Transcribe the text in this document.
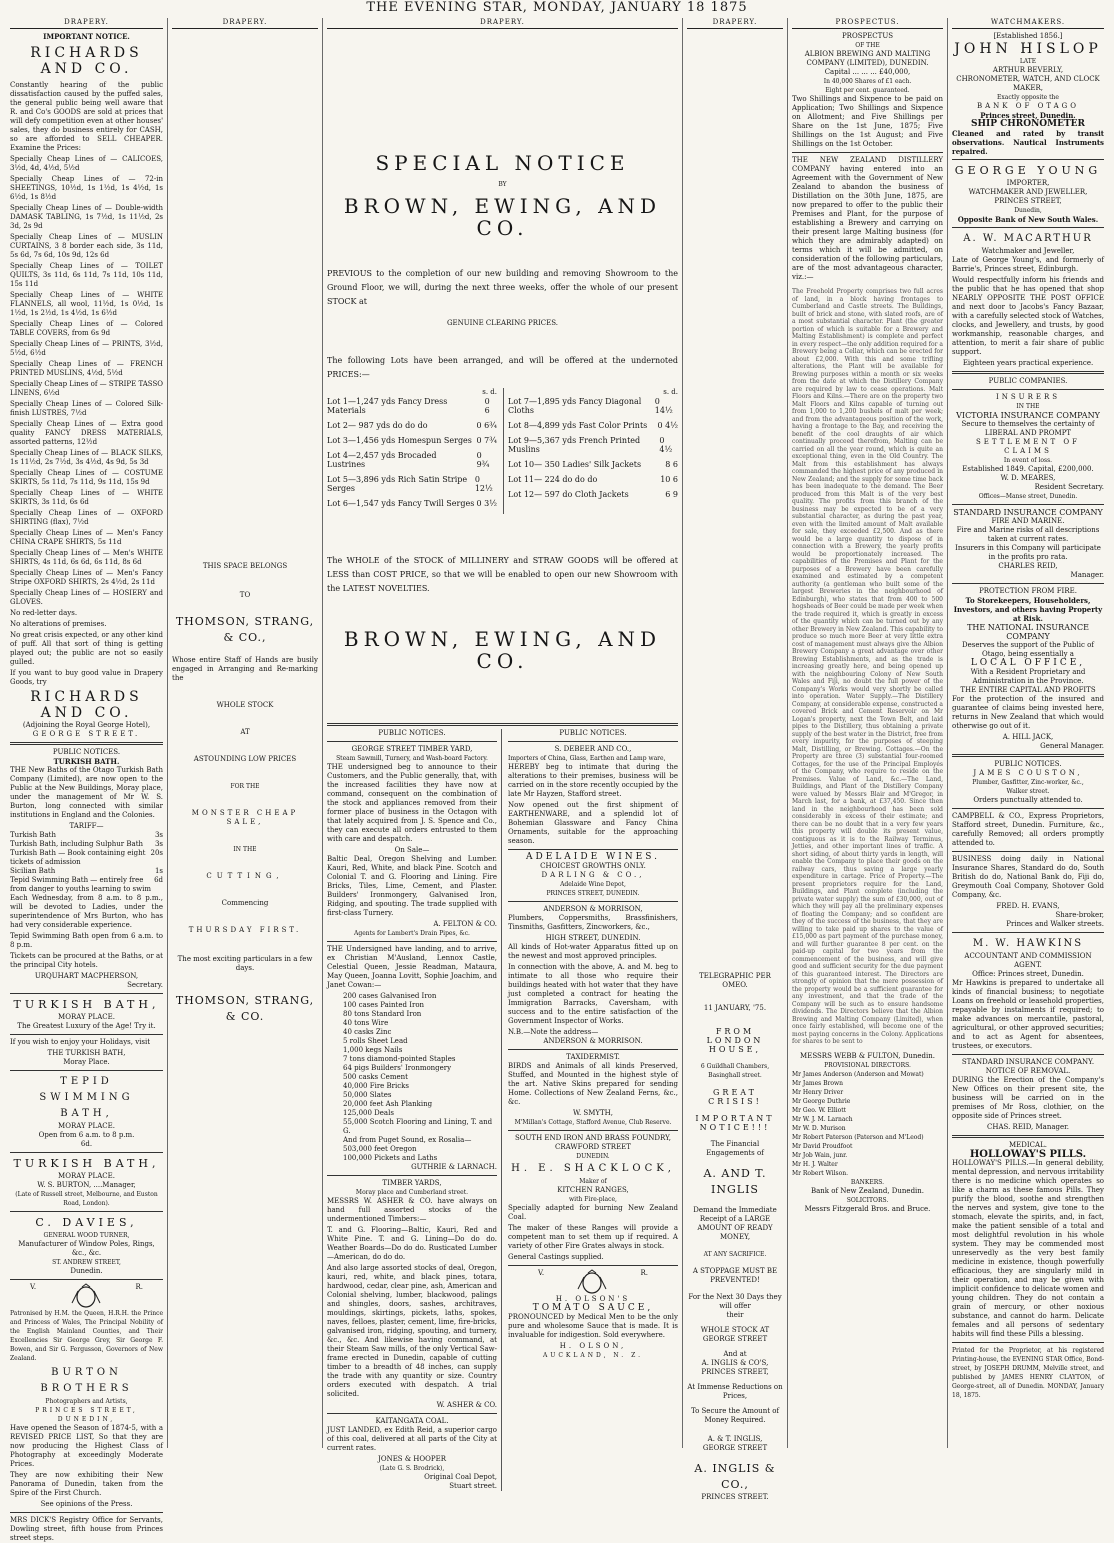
THE EVENING STAR, MONDAY, JANUARY 18 1875
DRAPERY.
IMPORTANT NOTICE.
RICHARDS AND CO.

Constantly hearing of the public dissatisfaction caused by the puffed sales, the general public being well aware that R. and Co's GOODS are sold at prices that will defy competition even at other houses' sales, they do business entirely for CASH, so are afforded to SELL CHEAPER. Examine the Prices:

Specially Cheap Lines of — CALICOES, 3½d, 4d, 4½d, 5½d
Specially Cheap Lines of — 72-in SHEETINGS, 10½d, 1s 1½d, 1s 4½d, 1s 6½d, 1s 8½d
Specially Cheap Lines of — Double-width DAMASK TABLING, 1s 7½d, 1s 11½d, 2s 3d, 2s 9d
Specially Cheap Lines of — MUSLIN CURTAINS, 3 8 border each side, 3s 11d, 5s 6d, 7s 6d, 10s 9d, 12s 6d
Specially Cheap Lines of — TOILET QUILTS, 3s 11d, 6s 11d, 7s 11d, 10s 11d, 15s 11d
Specially Cheap Lines of — WHITE FLANNELS, all wool, 11½d, 1s 0½d, 1s 1½d, 1s 2½d, 1s 4½d, 1s 6½d
Specially Cheap Lines of — Colored TABLE COVERS, from 6s 9d
Specially Cheap Lines of — PRINTS, 3½d, 5½d, 6½d
Specially Cheap Lines of — FRENCH PRINTED MUSLINS, 4½d, 5½d
Specially Cheap Lines of — STRIPE TASSO LINENS, 6½d
Specially Cheap Lines of — Colored Silk-finish LUSTRES, 7½d
Specially Cheap Lines of — Extra good quality FANCY DRESS MATERIALS, assorted patterns, 12½d
Specially Cheap Lines of — BLACK SILKS, 1s 11½d, 2s 7½d, 3s 4½d, 4s 9d, 5s 3d
Specially Cheap Lines of — COSTUME SKIRTS, 5s 11d, 7s 11d, 9s 11d, 15s 9d
Specially Cheap Lines of — WHITE SKIRTS, 3s 11d, 6s 6d
Specially Cheap Lines of — OXFORD SHIRTING (flax), 7½d
Specially Cheap Lines of — Men's Fancy CHINA CRAPE SHIRTS, 5s 11d
Specially Cheap Lines of — Men's WHITE SHIRTS, 4s 11d, 6s 6d, 6s 11d, 8s 6d
Specially Cheap Lines of — Men's Fancy Stripe OXFORD SHIRTS, 2s 4½d, 2s 11d
Specially Cheap Lines of — HOSIERY and GLOVES.

No red-letter days.

No alterations of premises.

No great crisis expected, or any other kind of puff. All that sort of thing is getting played out; the public are not so easily gulled.

If you want to buy good value in Drapery Goods, try

RICHARDS AND CO.
(Adjoining the Royal George Hotel),
GEORGE STREET.
PUBLIC NOTICES.
TURKISH BATH.

THE New Baths of the Otago Turkish Bath Company (Limited), are now open to the Public at the New Buildings, Moray place, under the management of Mr W. S. Burton, long connected with similar institutions in England and the Colonies.

TARIFF—
Turkish Bath	3s
Turkish Bath, including Sulphur Bath 3s
Turkish Bath — Book containing eight tickets of admission
20s
Sicilian Bath	1s
Tepid Swimming Bath — entirely free from danger to youths learning to swim
6d

Each Wednesday, from 8 a.m. to 8 p.m., will be devoted to Ladies, under the superintendence of Mrs Burton, who has had very considerable experience.

Tepid Swimming Bath open from 6 a.m. to 8 p.m.

Tickets can be procured at the Baths, or at the principal City hotels.

URQUHART MACPHERSON,
Secretary.
TURKISH BATH,
MORAY PLACE.
The Greatest Luxury of the Age! Try it.

If you wish to enjoy your Holidays, visit

THE TURKISH BATH,
Moray Place.
TEPID SWIMMING BATH,
MORAY PLACE.
Open from 6 a.m. to 8 p.m.
6d.
TURKISH BATH,
MORAY PLACE.
W. S. BURTON, ....Manager,
(Late of Russell street, Melbourne, and Euston Road, London).
C. DAVIES,
GENERAL WOOD TURNER,
Manufacturer of Window Poles, Rings, &c., &c.
ST. ANDREW STREET,
Dunedin.
V.	R.

Patronised by H.M. the Queen, H.R.H. the Prince and Princess of Wales, The Principal Nobility of the English Mainland Counties, and Their Excellencies Sir George Grey, Sir George F. Bowen, and Sir G. Fergusson, Governors of New Zealand.

BURTON BROTHERS
Photographers and Artists,
PRINCES STREET, DUNEDIN,

Have opened the Season of 1874-5, with a REVISED PRICE LIST, So that they are now producing the Highest Class of Photography at exceedingly Moderate Prices.

They are now exhibiting their New Panorama of Dunedin, taken from the Spire of the First Church.

See opinions of the Press.

MRS DICK'S Registry Office for Servants, Dowling street, fifth house from Princes street steps.

DRAPERY.
THIS SPACE BELONGS
TO
THOMSON, STRANG, & CO.,

Whose entire Staff of Hands are busily engaged in Arranging and Re-marking the

WHOLE STOCK
AT
ASTOUNDING LOW PRICES
FOR THE
MONSTER CHEAP SALE,
IN THE
CUTTING,
Commencing
THURSDAY FIRST.
The most exciting particulars in a few days.
THOMSON, STRANG, & CO.
DRAPERY.
SPECIAL NOTICE
BY
BROWN, EWING, AND CO.

PREVIOUS to the completion of our new building and removing Showroom to the Ground Floor, we will, during the next three weeks, offer the whole of our present STOCK at

GENUINE CLEARING PRICES.

The following Lots have been arranged, and will be offered at the undernoted PRICES:—

s. d.
Lot 1—1,247 yds Fancy Dress Materials
0 6
Lot 2— 987 yds do do do	0 6¾
Lot 3—1,456 yds Homespun Serges 0 7¾
Lot 4—2,457 yds Brocaded Lustrines
0 9¾
Lot 5—3,896 yds Rich Satin Stripe Serges
0 12½
Lot 6—1,547 yds Fancy Twill Serges 0 3½
s. d.
Lot 7—1,895 yds Fancy Diagonal Cloths
0 14½
Lot 8—4,899 yds Fast Color Prints 0 4½
Lot 9—5,367 yds French Printed Muslins
0 4½
Lot 10— 350 Ladies' Silk Jackets	8 6
Lot 11— 224 do do do	10 6
Lot 12— 597 do Cloth Jackets	6 9

The WHOLE of the STOCK of MILLINERY and STRAW GOODS will be offered at LESS than COST PRICE, so that we will be enabled to open our new Showroom with the LATEST NOVELTIES.

BROWN, EWING, AND CO.
PUBLIC NOTICES.
GEORGE STREET TIMBER YARD,
Steam Sawmill, Turnery, and Wash-board Factory.

THE undersigned beg to announce to their Customers, and the Public generally, that, with the increased facilities they have now at command, consequent on the combination of the stock and appliances removed from their former place of business in the Octagon with that lately acquired from J. S. Spence and Co., they can execute all orders entrusted to them with care and despatch.

On Sale—

Baltic Deal, Oregon Shelving and Lumber. Kauri, Red, White, and black Pine. Scotch and Colonial T. and G. Flooring and Lining. Fire Bricks, Tiles, Lime, Cement, and Plaster. Builders' Ironmongery, Galvanised Iron, Ridging, and spouting. The trade supplied with first-class Turnery.

A. FELTON & CO.
Agents for Lambert's Drain Pipes, &c.

THE Undersigned have landing, and to arrive, ex Christian M'Ausland, Lennox Castle, Celestial Queen, Jessie Readman, Mataura, May Queen, Joanna Lovitt, Sophie Joachim, and Janet Cowan:—

200 cases Galvanised Iron
100 cases Painted Iron
80 tons Standard Iron
40 tons Wire
40 casks Zinc
5 rolls Sheet Lead
1,000 kegs Nails
7 tons diamond-pointed Staples
64 pigs Builders' Ironmongery
500 casks Cement
40,000 Fire Bricks
50,000 Slates
20,000 feet Ash Planking
125,000 Deals
55,000 Scotch Flooring and Lining, T. and G.
And from Puget Sound, ex Rosalia—
503,000 feet Oregon
100,000 Pickets and Laths
GUTHRIE & LARNACH.
TIMBER YARDS,
Moray place and Cumberland street.

MESSRS W. ASHER & CO. have always on hand full assorted stocks of the undermentioned Timbers:—

T. and G. Flooring—Baltic, Kauri, Red and White Pine. T. and G. Lining—Do do do. Weather Boards—Do do do. Rusticated Lumber—American, do do do.

And also large assorted stocks of deal, Oregon, kauri, red, white, and black pines, totara, hardwood, cedar, clear pine, ash, American and Colonial shelving, lumber, blackwood, palings and shingles, doors, sashes, architraves, mouldings, skirtings, pickets, laths, spokes, naves, felloes, plaster, cement, lime, fire-bricks, galvanised iron, ridging, spouting, and turnery, &c., &c. And likewise having command, at their Steam Saw mills, of the only Vertical Saw-frame erected in Dunedin, capable of cutting timber to a breadth of 48 inches, can supply the trade with any quantity or size. Country orders executed with despatch. A trial solicited.

W. ASHER & CO.
KAITANGATA COAL.

JUST LANDED, ex Edith Reid, a superior cargo of this coal, delivered at all parts of the City at current rates.

JONES & HOOPER
(Late G. S. Brodrick),
Original Coal Depot,
Stuart street.
PUBLIC NOTICES.
S. DEBEER AND CO.,
Importers of China, Glass, Earthen and Lamp ware,

HEREBY beg to intimate that during the alterations to their premises, business will be carried on in the store recently occupied by the late Mr Hayzen, Stafford street.

Now opened out the first shipment of EARTHENWARE, and a splendid lot of Bohemian Glassware and Fancy China Ornaments, suitable for the approaching season.

ADELAIDE WINES.
CHOICEST GROWTHS ONLY.
DARLING & CO.,
Adelaide Wine Depot,
PRINCES STREET, DUNEDIN.
ANDERSON & MORRISON,

Plumbers, Coppersmiths, Brassfinishers, Tinsmiths, Gasfitters, Zincworkers, &c.,

HIGH STREET, DUNEDIN.

All kinds of Hot-water Apparatus fitted up on the newest and most approved principles.

In connection with the above, A. and M. beg to intimate to all those who require their buildings heated with hot water that they have just completed a contract for heating the Immigration Barracks, Caversham, with success and to the entire satisfaction of the Government Inspector of Works.

N.B.—Note the address—
ANDERSON & MORRISON.
TAXIDERMIST.

BIRDS and Animals of all kinds Preserved, Stuffed, and Mounted in the highest style of the art. Native Skins prepared for sending Home. Collections of New Zealand Ferns, &c., &c.

W. SMYTH,
M'Millan's Cottage, Stafford Avenue, Club Reserve.
SOUTH END IRON AND BRASS FOUNDRY,
CRAWFORD STREET
DUNEDIN.
H. E. SHACKLOCK,
Maker of
KITCHEN RANGES,
with Fire-place,

Specially adapted for burning New Zealand Coal.

The maker of these Ranges will provide a competent man to set them up if required. A variety of other Fire Grates always in stock.

General Castings supplied.
V.	R.
H. OLSON'S
TOMATO SAUCE,

PRONOUNCED by Medical Men to be the only pure and wholesome Sauce that is made. It is invaluable for indigestion. Sold everywhere.

H. OLSON,
AUCKLAND, N. Z.
DRAPERY.
TELEGRAPHIC PER OMEO.
11 JANUARY, '75.
FROM LONDON HOUSE,
6 Guildhall Chambers, Basinghall street.
GREAT CRISIS!
IMPORTANT NOTICE!!!
The Financial Engagements of
A. AND T. INGLIS
Demand the Immediate Receipt of a LARGE AMOUNT OF READY MONEY,
AT ANY SACRIFICE.
A STOPPAGE MUST BE PREVENTED!
For the Next 30 Days they will offer
their
WHOLE STOCK AT GEORGE STREET
And at
A. INGLIS & CO'S,
PRINCES STREET,
At Immense Reductions on Prices,
To Secure the Amount of Money Required.
A. & T. INGLIS,
GEORGE STREET
A. INGLIS & CO.,
PRINCES STREET.
PROSPECTUS.
PROSPECTUS
OF THE
ALBION BREWING AND MALTING COMPANY (LIMITED), DUNEDIN.
Capital ... ... ... £40,000,
In 40,000 Shares of £1 each.
Eight per cent. guaranteed.

Two Shillings and Sixpence to be paid on Application; Two Shillings and Sixpence on Allotment; and Five Shillings per Share on the 1st June, 1875; Five Shillings on the 1st August; and Five Shillings on the 1st October.

THE NEW ZEALAND DISTILLERY COMPANY having entered into an Agreement with the Government of New Zealand to abandon the business of Distillation on the 30th June, 1875, are now prepared to offer to the public their Premises and Plant, for the purpose of establishing a Brewery and carrying on their present large Malting business (for which they are admirably adapted) on terms which it will be admitted, on consideration of the following particulars, are of the most advantageous character, viz.:—

The Freehold Property comprises two full acres of land, in a block having frontages to Cumberland and Castle streets. The Buildings, built of brick and stone, with slated roofs, are of a most substantial character. Plant (the greater portion of which is suitable for a Brewery and Malting Establishment) is complete and perfect in every respect—the only addition required for a Brewery being a Cellar, which can be erected for about £2,000. With this and some trifling alterations, the Plant will be available for Brewing purposes within a month or six weeks from the date at which the Distillery Company are required by law to cease operations. Malt Floors and Kilns.—There are on the property two Malt Floors and Kilns capable of turning out from 1,000 to 1,200 bushels of malt per week; and from the advantageous position of the work, having a frontage to the Bay, and receiving the benefit of the cool draughts of air which continually proceed therefrom, Malting can be carried on all the year round, which is quite an exceptional thing, even in the Old Country. The Malt from this establishment has always commanded the highest price of any produced in New Zealand; and the supply for some time back has been inadequate to the demand. The Beer produced from this Malt is of the very best quality. The profits from this branch of the business may be expected to be of a very substantial character, as during the past year, even with the limited amount of Malt available for sale, they exceeded £2,500. And as there would be a large quantity to dispose of in connection with a Brewery, the yearly profits would be proportionately increased. The capabilities of the Premises and Plant for the purposes of a Brewery have been carefully examined and estimated by a competent authority (a gentleman who built some of the largest Breweries in the neighbourhood of Edinburgh), who states that from 400 to 500 hogsheads of Beer could be made per week when the trade required it, which is greatly in excess of the quantity which can be turned out by any other Brewery in New Zealand. This capability to produce so much more Beer at very little extra cost of management must always give the Albion Brewery Company a great advantage over other Brewing Establishments, and as the trade is increasing greatly here, and being opened up with the neighbouring Colony of New South Wales and Fiji, no doubt the full power of the Company's Works would very shortly be called into operation. Water Supply.—The Distillery Company, at considerable expense, constructed a covered Brick and Cement Reservoir on Mr Logan's property, next the Town Belt, and laid pipes to the Distillery, thus obtaining a private supply of the best water in the District, free from every impurity, for the purposes of steeping Malt, Distilling, or Brewing. Cottages.—On the Property are three (3) substantial four-roomed Cottages, for the use of the Principal Employés of the Company, who require to reside on the Premises. Value of Land, &c.—The Land, Buildings, and Plant of the Distillery Company were valued by Messrs Blair and M'Gregor, in March last, for a bank, at £37,450. Since then land in the neighbourhood has been sold considerably in excess of their estimate; and there can be no doubt that in a very few years this property will double its present value, contiguous as it is to the Railway Terminus, Jetties, and other important lines of traffic. A short siding, of about thirty yards in length, will enable the Company to place their goods on the railway cars, thus saving a large yearly expenditure in cartage. Price of Property.—The present proprietors require for the Land, Buildings, and Plant complete (including the private water supply) the sum of £30,000, out of which they will pay all the preliminary expenses of floating the Company; and so confident are they of the success of the business, that they are willing to take paid up shares to the value of £15,000 as part payment of the purchase money, and will further guarantee 8 per cent. on the paid-up capital for two years from the commencement of the business, and will give good and sufficient security for the due payment of this guaranteed interest. The Directors are strongly of opinion that the mere possession of the property would be a sufficient guarantee for any investment, and that the trade of the Company will be such as to ensure handsome dividends. The Directors believe that the Albion Brewing and Malting Company (Limited), when once fairly established, will become one of the most paying concerns in the Colony. Applications for shares to be sent to

MESSRS WEBB & FULTON, Dunedin.
PROVISIONAL DIRECTORS.
Mr James Anderson (Anderson and Mowat)
Mr James Brown
Mr Henry Driver
Mr George Duthrie
Mr Geo. W. Elliott
Mr W. J. M. Larnach
Mr W. D. Murison
Mr Robert Paterson (Paterson and M'Leod)
Mr David Proudfoot
Mr Job Wain, junr.
Mr H. J. Walter
Mr Robert Wilson.
BANKERS.
Bank of New Zealand, Dunedin.
SOLICITORS.
Messrs Fitzgerald Bros. and Bruce.
WATCHMAKERS.
[Established 1856.]
JOHN HISLOP
LATE
ARTHUR BEVERLY,
CHRONOMETER, WATCH, AND CLOCK MAKER,
Exactly opposite the
BANK OF OTAGO
Princes street, Dunedin.
SHIP CHRONOMETER

Cleaned and rated by transit observations. Nautical Instruments repaired.

GEORGE YOUNG
IMPORTER,
WATCHMAKER AND JEWELLER,
PRINCES STREET,
Dunedin,
Opposite Bank of New South Wales.
A. W. MACARTHUR
Watchmaker and Jeweller,

Late of George Young's, and formerly of Barrie's, Princes street, Edinburgh.

Would respectfully inform his friends and the public that he has opened that shop NEARLY OPPOSITE THE POST OFFICE and next door to Jacobs's Fancy Bazaar, with a carefully selected stock of Watches, clocks, and Jewellery, and trusts, by good workmanship, reasonable charges, and attention, to merit a fair share of public support.

Eighteen years practical experience.
PUBLIC COMPANIES.
INSURERS
IN THE
VICTORIA INSURANCE COMPANY
Secure to themselves the certainty of
LIBERAL AND PROMPT
SETTLEMENT OF CLAIMS
In event of loss.
Established 1849. Capital, £200,000.
W. D. MEARES,
Resident Secretary.
Offices—Manse street, Dunedin.
STANDARD INSURANCE COMPANY
FIRE AND MARINE.
Fire and Marine risks of all descriptions taken at current rates.
Insurers in this Company will participate in the profits pro rata.
CHARLES REID,
Manager.
PROTECTION FROM FIRE.
To Storekeepers, Householders, Investors, and others having Property at Risk.
THE NATIONAL INSURANCE COMPANY
Deserves the support of the Public of Otago, being essentially a
LOCAL OFFICE,
With a Resident Proprietary and Administration in the Province.
THE ENTIRE CAPITAL AND PROFITS

For the protection of the insured and guarantee of claims being invested here, returns in New Zealand that which would otherwise go out of it.

A. HILL JACK,
General Manager.
PUBLIC NOTICES.
JAMES COUSTON,
Plumber, Gasfitter, Zinc-worker, &c.,
Walker street.
Orders punctually attended to.

CAMPBELL & CO., Express Proprietors, Stafford street, Dunedin. Furniture, &c., carefully Removed; all orders promptly attended to.

BUSINESS doing daily in National Insurance Shares, Standard do do, South British do do, National Bank do, Fiji do, Greymouth Coal Company, Shotover Gold Company, &c.

FRED. H. EVANS,
Share-broker,
Princes and Walker streets.
M. W. HAWKINS
ACCOUNTANT AND COMMISSION AGENT.
Office: Princes street, Dunedin.

Mr Hawkins is prepared to undertake all kinds of financial business; to negotiate Loans on freehold or leasehold properties, repayable by instalments if required; to make advances on mercantile, pastoral, agricultural, or other approved securities; and to act as Agent for absentees, trustees, or executors.

STANDARD INSURANCE COMPANY.
NOTICE OF REMOVAL.

DURING the Erection of the Company's New Offices on their present site, the business will be carried on in the premises of Mr Ross, clothier, on the opposite side of Princes street.

CHAS. REID, Manager.
MEDICAL.
HOLLOWAY'S PILLS.

HOLLOWAY'S PILLS.—In general debility, mental depression, and nervous irritability there is no medicine which operates so like a charm as these famous Pills. They purify the blood, soothe and strengthen the nerves and system, give tone to the stomach, elevate the spirits, and, in fact, make the patient sensible of a total and most delightful revolution in his whole system. They may be commended most unreservedly as the very best family medicine in existence, though powerfully efficacious, they are singularly mild in their operation, and may be given with implicit confidence to delicate women and young children. They do not contain a grain of mercury, or other noxious substance, and cannot do harm. Delicate females and all persons of sedentary habits will find these Pills a blessing.

Printed for the Proprietor, at his registered Printing-house, the EVENING STAR Office, Bond-street, by JOSEPH DRUMM, Melville street, and published by JAMES HENRY CLAYTON, of George-street, all of Dunedin. MONDAY, January 18, 1875.
